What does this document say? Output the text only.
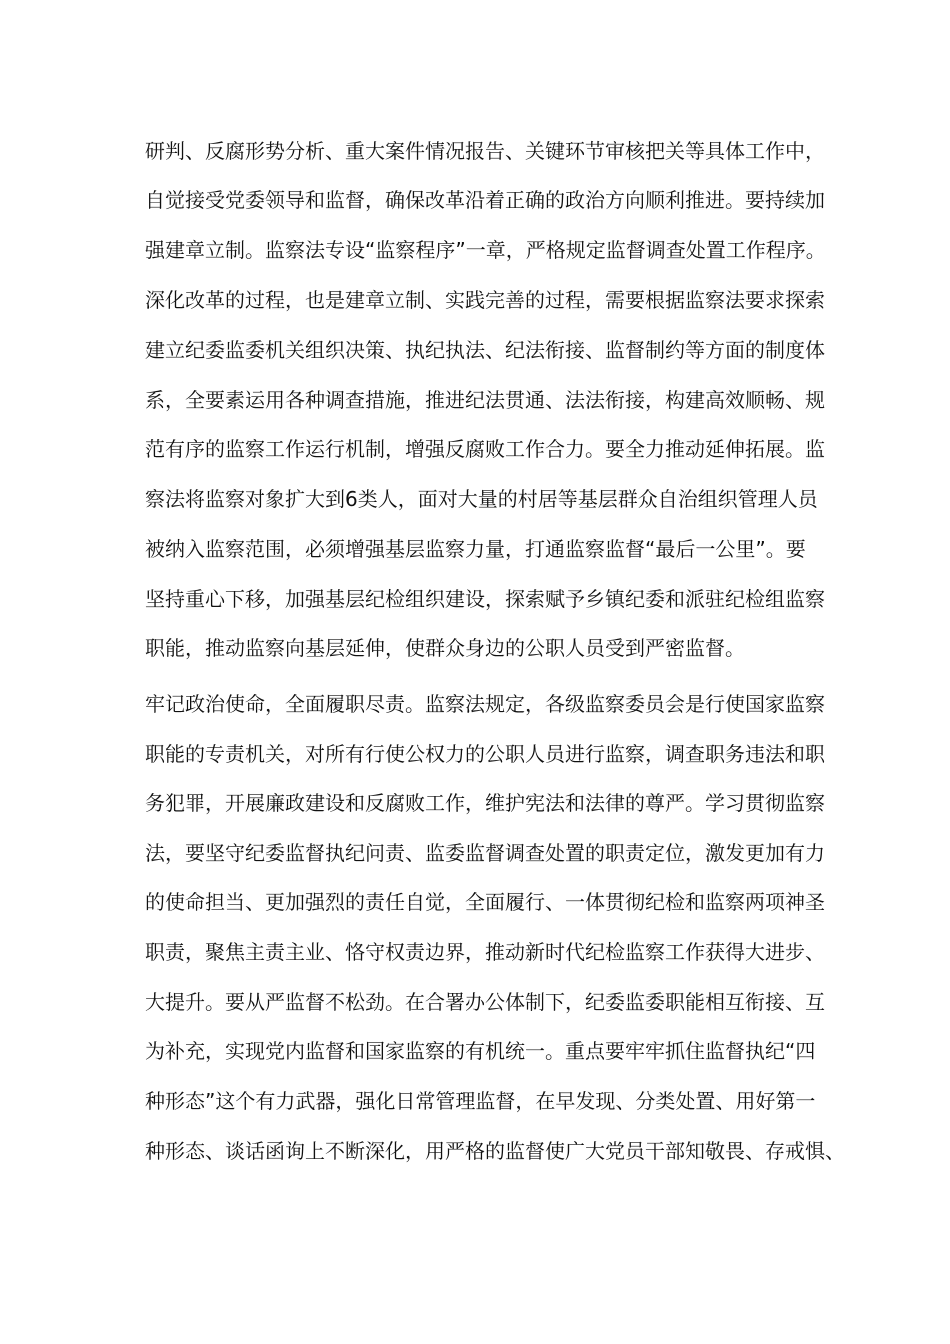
研判、反腐形势分析、重大案件情况报告、关键环节审核把关等具体工作中，
自觉接受党委领导和监督，确保改革沿着正确的政治方向顺利推进。要持续加
强建章立制。监察法专设“监察程序”一章，严格规定监督调查处置工作程序。
深化改革的过程，也是建章立制、实践完善的过程，需要根据监察法要求探索
建立纪委监委机关组织决策、执纪执法、纪法衔接、监督制约等方面的制度体
系，全要素运用各种调查措施，推进纪法贯通、法法衔接，构建高效顺畅、规
范有序的监察工作运行机制，增强反腐败工作合力。要全力推动延伸拓展。监
察法将监察对象扩大到6类人，面对大量的村居等基层群众自治组织管理人员
被纳入监察范围，必须增强基层监察力量，打通监察监督“最后一公里”。要
坚持重心下移，加强基层纪检组织建设，探索赋予乡镇纪委和派驻纪检组监察
职能，推动监察向基层延伸，使群众身边的公职人员受到严密监督。
牢记政治使命，全面履职尽责。监察法规定，各级监察委员会是行使国家监察
职能的专责机关，对所有行使公权力的公职人员进行监察，调查职务违法和职
务犯罪，开展廉政建设和反腐败工作，维护宪法和法律的尊严。学习贯彻监察
法，要坚守纪委监督执纪问责、监委监督调查处置的职责定位，激发更加有力
的使命担当、更加强烈的责任自觉，全面履行、一体贯彻纪检和监察两项神圣
职责，聚焦主责主业、恪守权责边界，推动新时代纪检监察工作获得大进步、
大提升。要从严监督不松劲。在合署办公体制下，纪委监委职能相互衔接、互
为补充，实现党内监督和国家监察的有机统一。重点要牢牢抓住监督执纪“四
种形态”这个有力武器，强化日常管理监督，在早发现、分类处置、用好第一
种形态、谈话函询上不断深化，用严格的监督使广大党员干部知敬畏、存戒惧、
